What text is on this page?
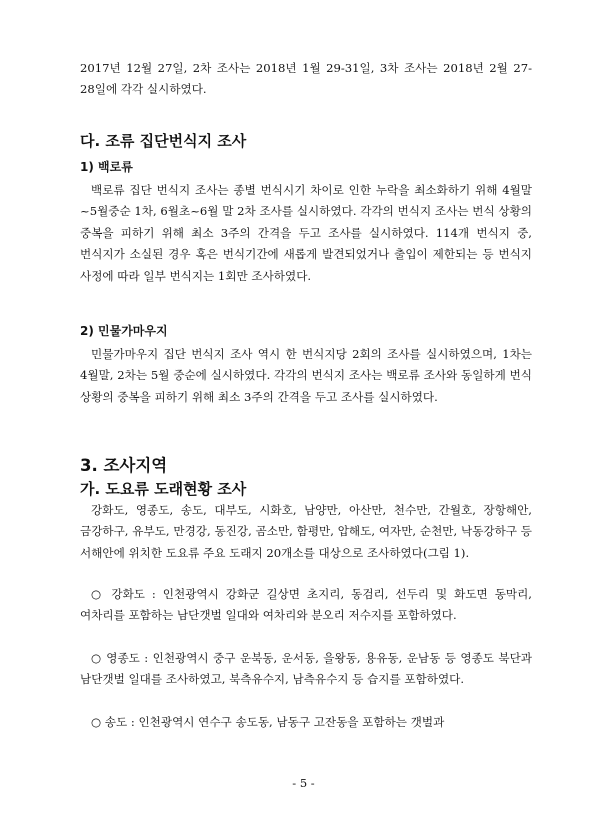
2017년 12월 27일, 2차 조사는 2018년 1월 29-31일, 3차 조사는 2018년 2월 27-28일에 각각 실시하였다.
다. 조류 집단번식지 조사
1) 백로류
백로류 집단 번식지 조사는 종별 번식시기 차이로 인한 누락을 최소화하기 위해 4월말~5월중순 1차, 6월초~6월 말 2차 조사를 실시하였다. 각각의 번식지 조사는 번식 상황의 중복을 피하기 위해 최소 3주의 간격을 두고 조사를 실시하였다. 114개 번식지 중, 번식지가 소실된 경우 혹은 번식기간에 새롭게 발견되었거나 출입이 제한되는 등 번식지 사정에 따라 일부 번식지는 1회만 조사하였다.
2) 민물가마우지
민물가마우지 집단 번식지 조사 역시 한 번식지당 2회의 조사를 실시하였으며, 1차는 4월말, 2차는 5월 중순에 실시하였다. 각각의 번식지 조사는 백로류 조사와 동일하게 번식 상황의 중복을 피하기 위해 최소 3주의 간격을 두고 조사를 실시하였다.
3. 조사지역
가. 도요류 도래현황 조사
강화도, 영종도, 송도, 대부도, 시화호, 남양만, 아산만, 천수만, 간월호, 장항해안, 금강하구, 유부도, 만경강, 동진강, 곰소만, 함평만, 압해도, 여자만, 순천만, 낙동강하구 등 서해안에 위치한 도요류 주요 도래지 20개소를 대상으로 조사하였다(그림 1).
○ 강화도 : 인천광역시 강화군 길상면 초지리, 동검리, 선두리 및 화도면 동막리, 여차리를 포함하는 남단갯벌 일대와 여차리와 분오리 저수지를 포함하였다.
○ 영종도 : 인천광역시 중구 운북동, 운서동, 을왕동, 용유동, 운남동 등 영종도 북단과 남단갯벌 일대를 조사하였고, 북측유수지, 남측유수지 등 습지를 포함하였다.
○ 송도 : 인천광역시 연수구 송도동, 남동구 고잔동을 포함하는 갯벌과
- 5 -
